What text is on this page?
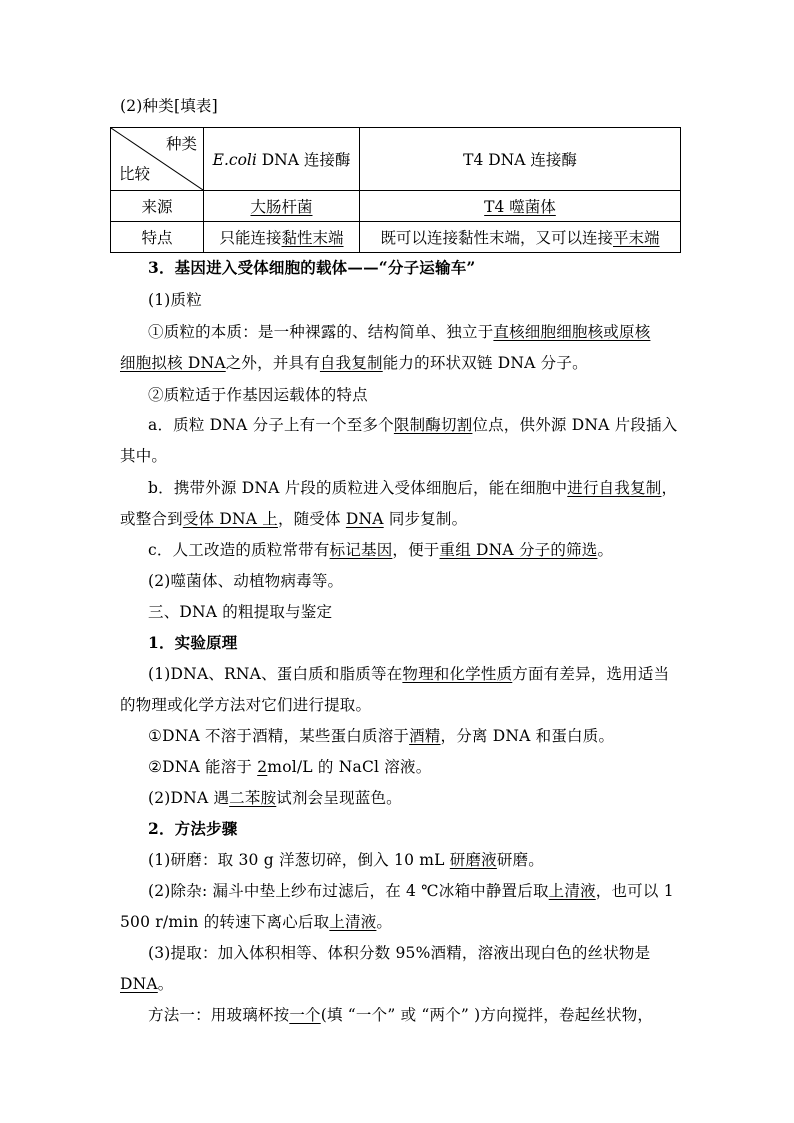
(2)种类[填表]
种类
比较	E.coli DNA 连接酶	T4 DNA 连接酶
来源	大肠杆菌	T4 噬菌体
特点	只能连接黏性末端	既可以连接黏性末端，又可以连接平末端
3．基因进入受体细胞的载体——“分子运输车”
(1)质粒
①质粒的本质：是一种裸露的、结构简单、独立于直核细胞细胞核或原核
细胞拟核 DNA之外，并具有自我复制能力的环状双链 DNA 分子。
②质粒适于作基因运载体的特点
a．质粒 DNA 分子上有一个至多个限制酶切割位点，供外源 DNA 片段插入
其中。
b．携带外源 DNA 片段的质粒进入受体细胞后，能在细胞中进行自我复制，
或整合到受体 DNA 上，随受体 DNA 同步复制。
c．人工改造的质粒常带有标记基因，便于重组 DNA 分子的筛选。
(2)噬菌体、动植物病毒等。
三、DNA 的粗提取与鉴定
1．实验原理
(1)DNA、RNA、蛋白质和脂质等在物理和化学性质方面有差异，选用适当
的物理或化学方法对它们进行提取。
①DNA 不溶于酒精，某些蛋白质溶于酒精，分离 DNA 和蛋白质。
②DNA 能溶于 2mol/L 的 NaCl 溶液。
(2)DNA 遇二苯胺试剂会呈现蓝色。
2．方法步骤
(1)研磨：取 30 g 洋葱切碎，倒入 10 mL 研磨液研磨。
(2)除杂: 漏斗中垫上纱布过滤后，在 4 ℃冰箱中静置后取上清液，也可以 1
500 r/min 的转速下离心后取上清液。
(3)提取：加入体积相等、体积分数 95%酒精，溶液出现白色的丝状物是
DNA。
方法一：用玻璃杯按一个(填 “一个” 或 “两个” )方向搅拌，卷起丝状物，
